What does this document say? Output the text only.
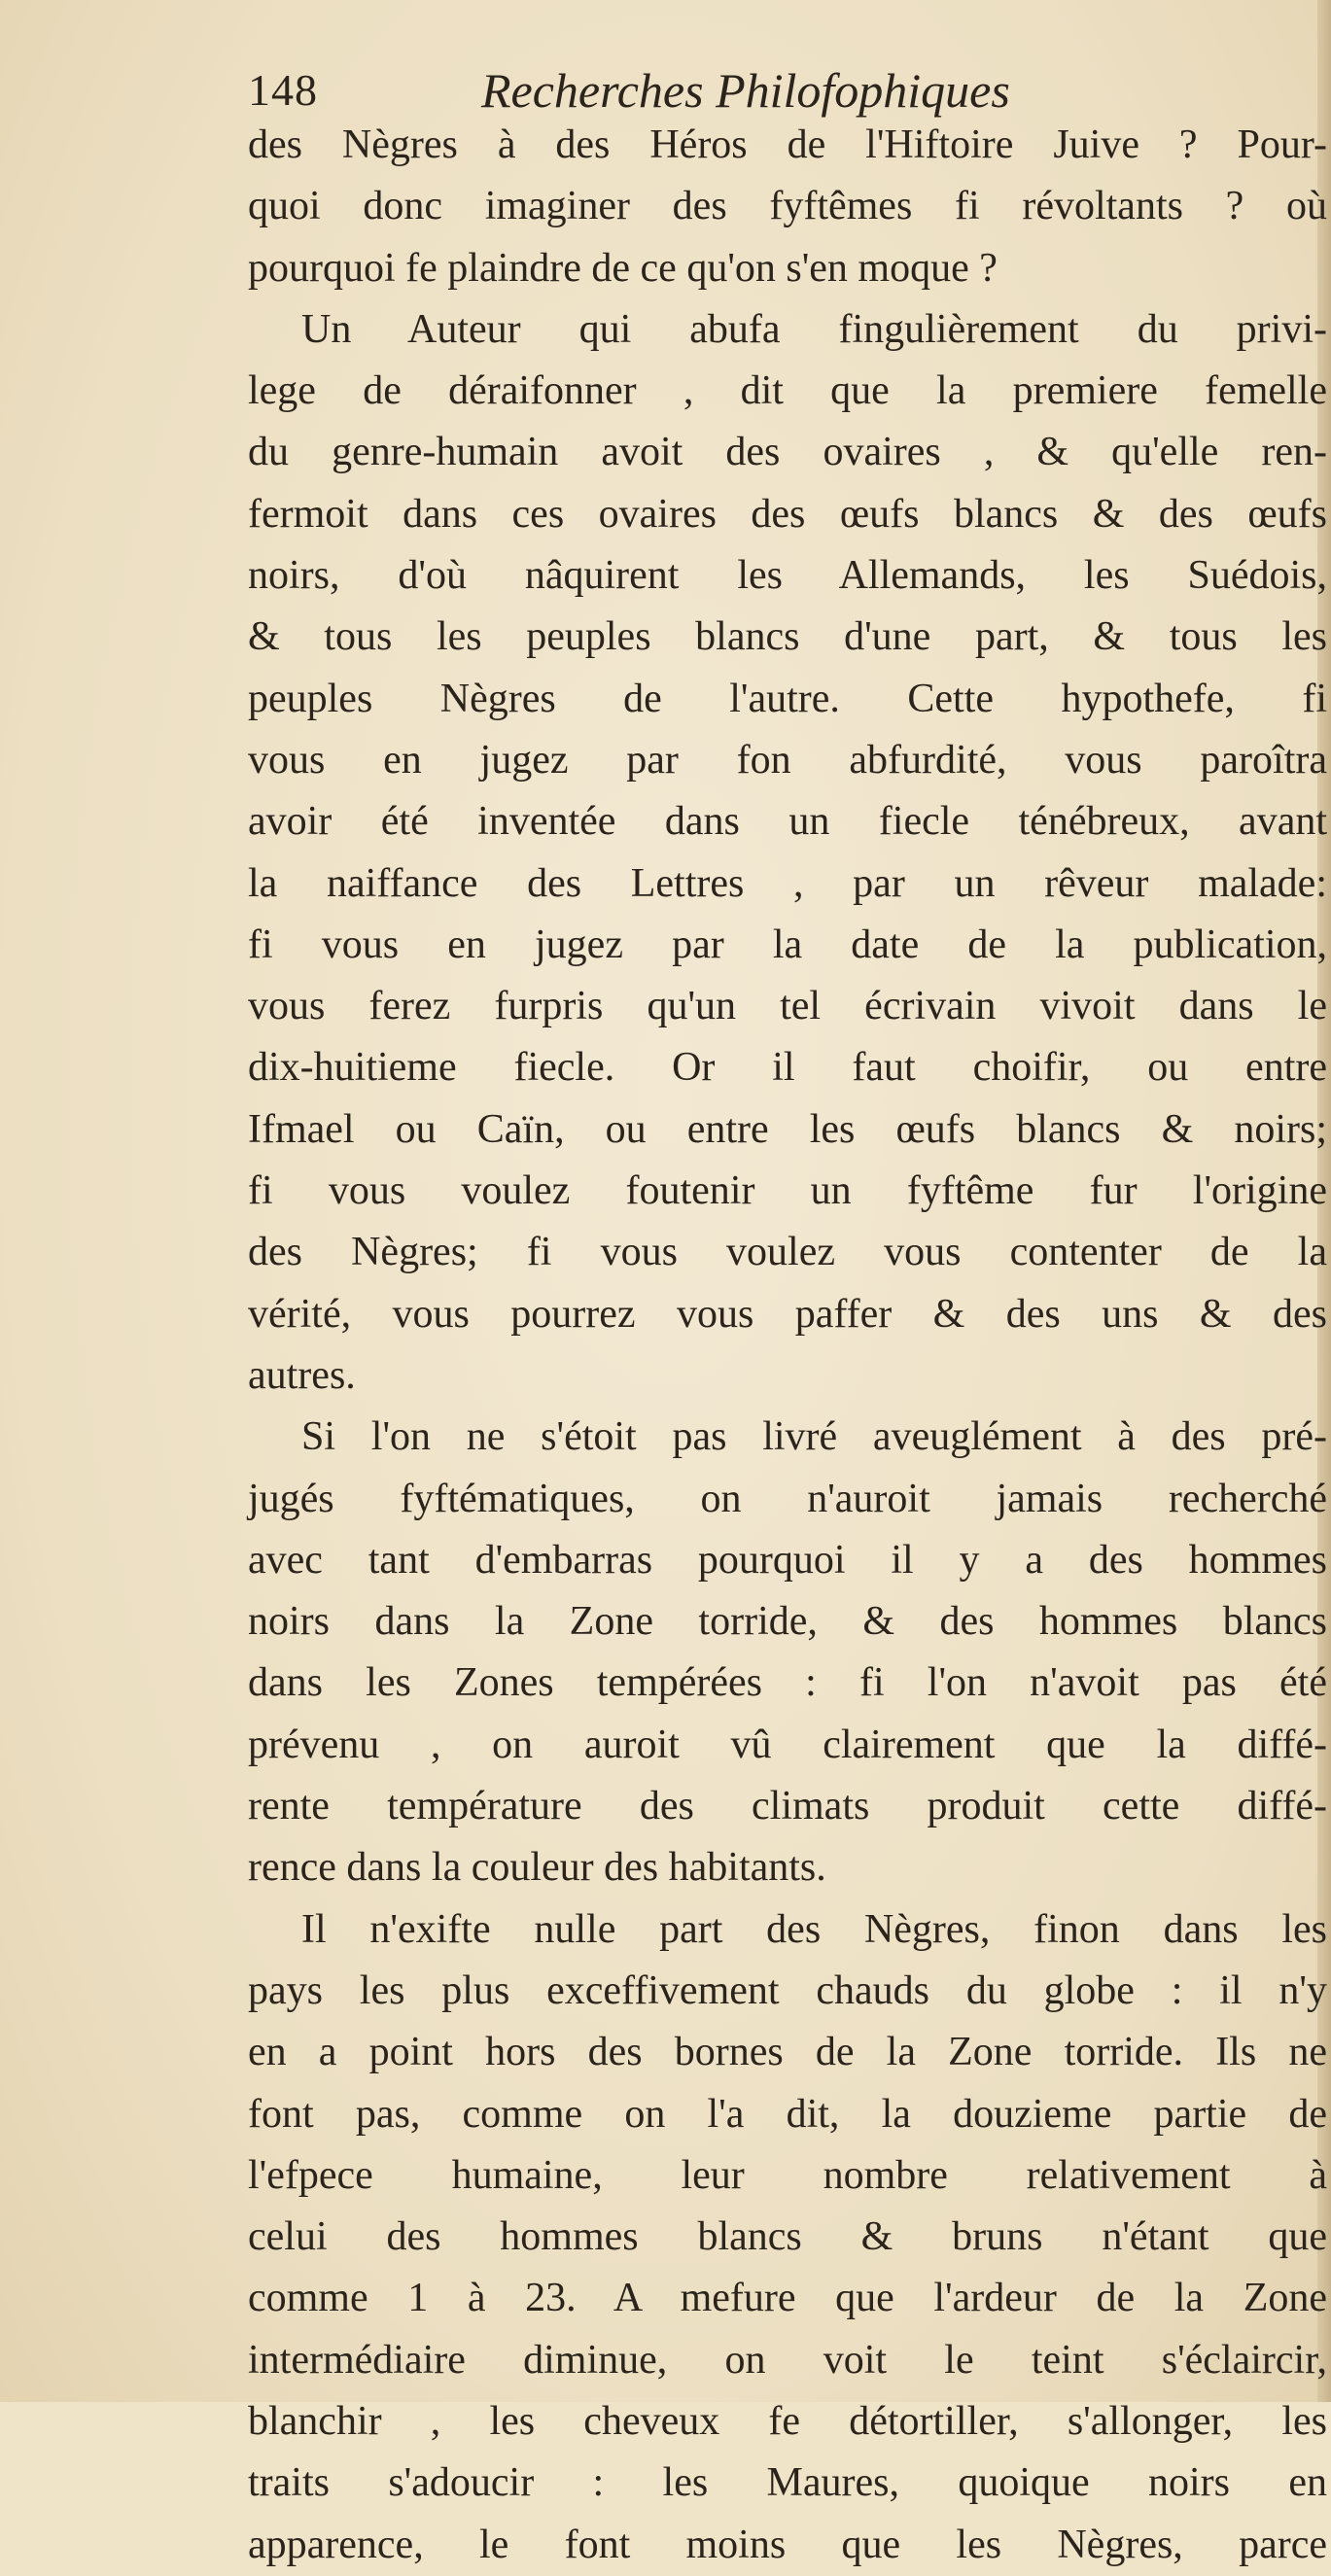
148	Recherches Philofophiques
des Nègres à des Héros de l'Hiftoire Juive ? Pour-
quoi donc imaginer des fyftêmes fi révoltants ? où
pourquoi fe plaindre de ce qu'on s'en moque ?
Un Auteur qui abufa fingulièrement du privi-
lege de déraifonner , dit que la premiere femelle
du genre-humain avoit des ovaires , & qu'elle ren-
fermoit dans ces ovaires des œufs blancs & des œufs
noirs, d'où nâquirent les Allemands, les Suédois,
& tous les peuples blancs d'une part, & tous les
peuples Nègres de l'autre. Cette hypothefe, fi
vous en jugez par fon abfurdité, vous paroîtra
avoir été inventée dans un fiecle ténébreux, avant
la naiffance des Lettres , par un rêveur malade:
fi vous en jugez par la date de la publication,
vous ferez furpris qu'un tel écrivain vivoit dans le
dix-huitieme fiecle. Or il faut choifir, ou entre
Ifmael ou Caïn, ou entre les œufs blancs & noirs;
fi vous voulez foutenir un fyftême fur l'origine
des Nègres; fi vous voulez vous contenter de la
vérité, vous pourrez vous paffer & des uns & des
autres.
Si l'on ne s'étoit pas livré aveuglément à des pré-
jugés fyftématiques, on n'auroit jamais recherché
avec tant d'embarras pourquoi il y a des hommes
noirs dans la Zone torride, & des hommes blancs
dans les Zones tempérées : fi l'on n'avoit pas été
prévenu , on auroit vû clairement que la diffé-
rente température des climats produit cette diffé-
rence dans la couleur des habitants.
Il n'exifte nulle part des Nègres, finon dans les
pays les plus exceffivement chauds du globe : il n'y
en a point hors des bornes de la Zone torride. Ils ne
font pas, comme on l'a dit, la douzieme partie de
l'efpece humaine, leur nombre relativement à
celui des hommes blancs & bruns n'étant que
comme 1 à 23. A mefure que l'ardeur de la Zone
intermédiaire diminue, on voit le teint s'éclaircir,
blanchir , les cheveux fe détortiller, s'allonger, les
traits s'adoucir : les Maures, quoique noirs en
apparence, le font moins que les Nègres, parce
